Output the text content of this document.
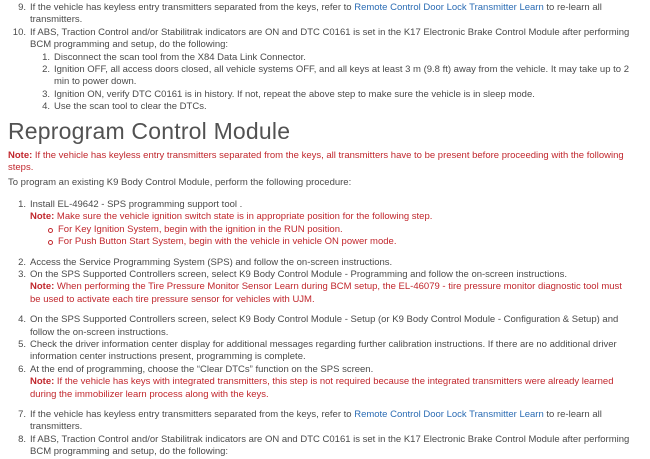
9. If the vehicle has keyless entry transmitters separated from the keys, refer to Remote Control Door Lock Transmitter Learn to re-learn all transmitters.
10. If ABS, Traction Control and/or Stabilitrak indicators are ON and DTC C0161 is set in the K17 Electronic Brake Control Module after performing BCM programming and setup, do the following:
1. Disconnect the scan tool from the X84 Data Link Connector.
2. Ignition OFF, all access doors closed, all vehicle systems OFF, and all keys at least 3 m (9.8 ft) away from the vehicle. It may take up to 2 min to power down.
3. Ignition ON, verify DTC C0161 is in history. If not, repeat the above step to make sure the vehicle is in sleep mode.
4. Use the scan tool to clear the DTCs.
Reprogram Control Module

Note: If the vehicle has keyless entry transmitters separated from the keys, all transmitters have to be present before proceeding with the following steps.

To program an existing K9 Body Control Module, perform the following procedure:

1. Install EL-49642 - SPS programming support tool .

Note: Make sure the vehicle ignition switch state is in appropriate position for the following step.

For Key Ignition System, begin with the ignition in the RUN position.
For Push Button Start System, begin with the vehicle in vehicle ON power mode.
2. Access the Service Programming System (SPS) and follow the on-screen instructions.
3. On the SPS Supported Controllers screen, select K9 Body Control Module - Programming and follow the on-screen instructions.

Note: When performing the Tire Pressure Monitor Sensor Learn during BCM setup, the EL-46079 - tire pressure monitor diagnostic tool must be used to activate each tire pressure sensor for vehicles with UJM.

4. On the SPS Supported Controllers screen, select K9 Body Control Module - Setup (or K9 Body Control Module - Configuration & Setup) and follow the on-screen instructions.
5. Check the driver information center display for additional messages regarding further calibration instructions. If there are no additional driver information center instructions present, programming is complete.
6. At the end of programming, choose the “Clear DTCs” function on the SPS screen.

Note: If the vehicle has keys with integrated transmitters, this step is not required because the integrated transmitters were already learned during the immobilizer learn process along with the keys.

7. If the vehicle has keyless entry transmitters separated from the keys, refer to Remote Control Door Lock Transmitter Learn to re-learn all transmitters.
8. If ABS, Traction Control and/or Stabilitrak indicators are ON and DTC C0161 is set in the K17 Electronic Brake Control Module after performing BCM programming and setup, do the following:
